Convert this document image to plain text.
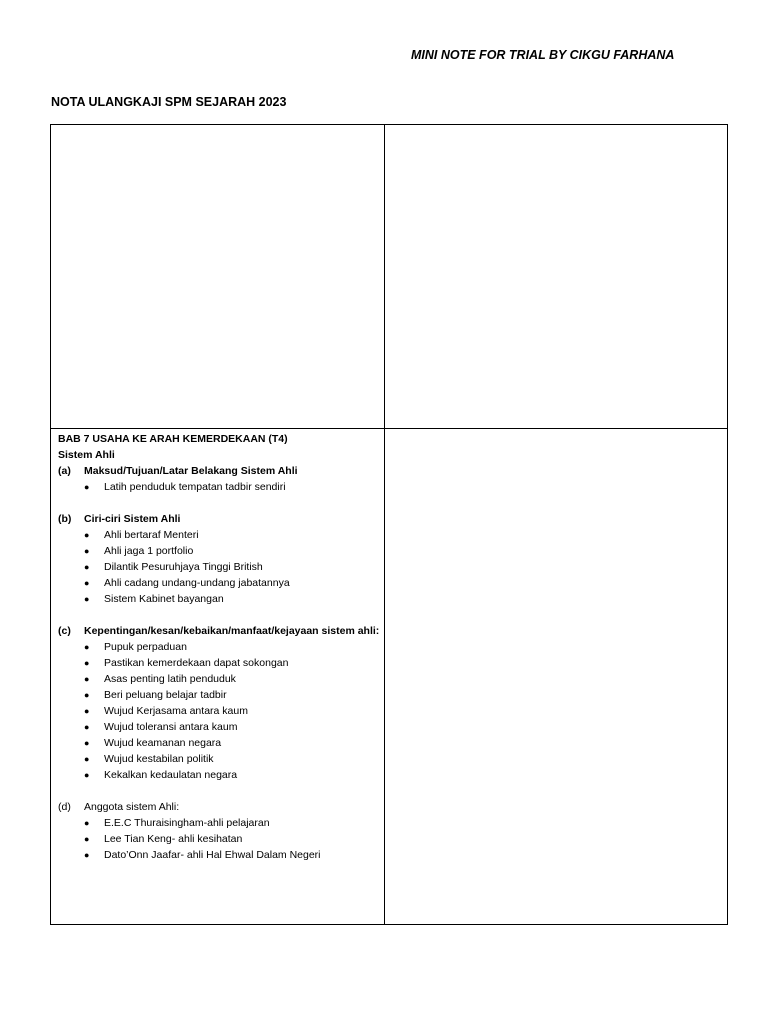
MINI NOTE FOR TRIAL BY CIKGU FARHANA
NOTA ULANGKAJI SPM SEJARAH 2023
BAB 7 USAHA KE ARAH KEMERDEKAAN (T4)
Sistem Ahli
(a)	Maksud/Tujuan/Latar Belakang Sistem Ahli
●	Latih penduduk tempatan tadbir sendiri
(b)	Ciri-ciri Sistem Ahli
●	Ahli bertaraf Menteri
●	Ahli jaga 1 portfolio
●	Dilantik Pesuruhjaya Tinggi British
●	Ahli cadang undang-undang jabatannya
●	Sistem Kabinet bayangan
(c)	Kepentingan/kesan/kebaikan/manfaat/kejayaan sistem ahli:
●	Pupuk perpaduan
●	Pastikan kemerdekaan dapat sokongan
●	Asas penting latih penduduk
●	Beri peluang belajar tadbir
●	Wujud Kerjasama antara kaum
●	Wujud toleransi antara kaum
●	Wujud keamanan negara
●	Wujud kestabilan politik
●	Kekalkan kedaulatan negara
(d)	Anggota sistem Ahli:
●	E.E.C Thuraisingham-ahli pelajaran
●	Lee Tian Keng- ahli kesihatan
●	Dato’Onn Jaafar- ahli Hal Ehwal Dalam Negeri
